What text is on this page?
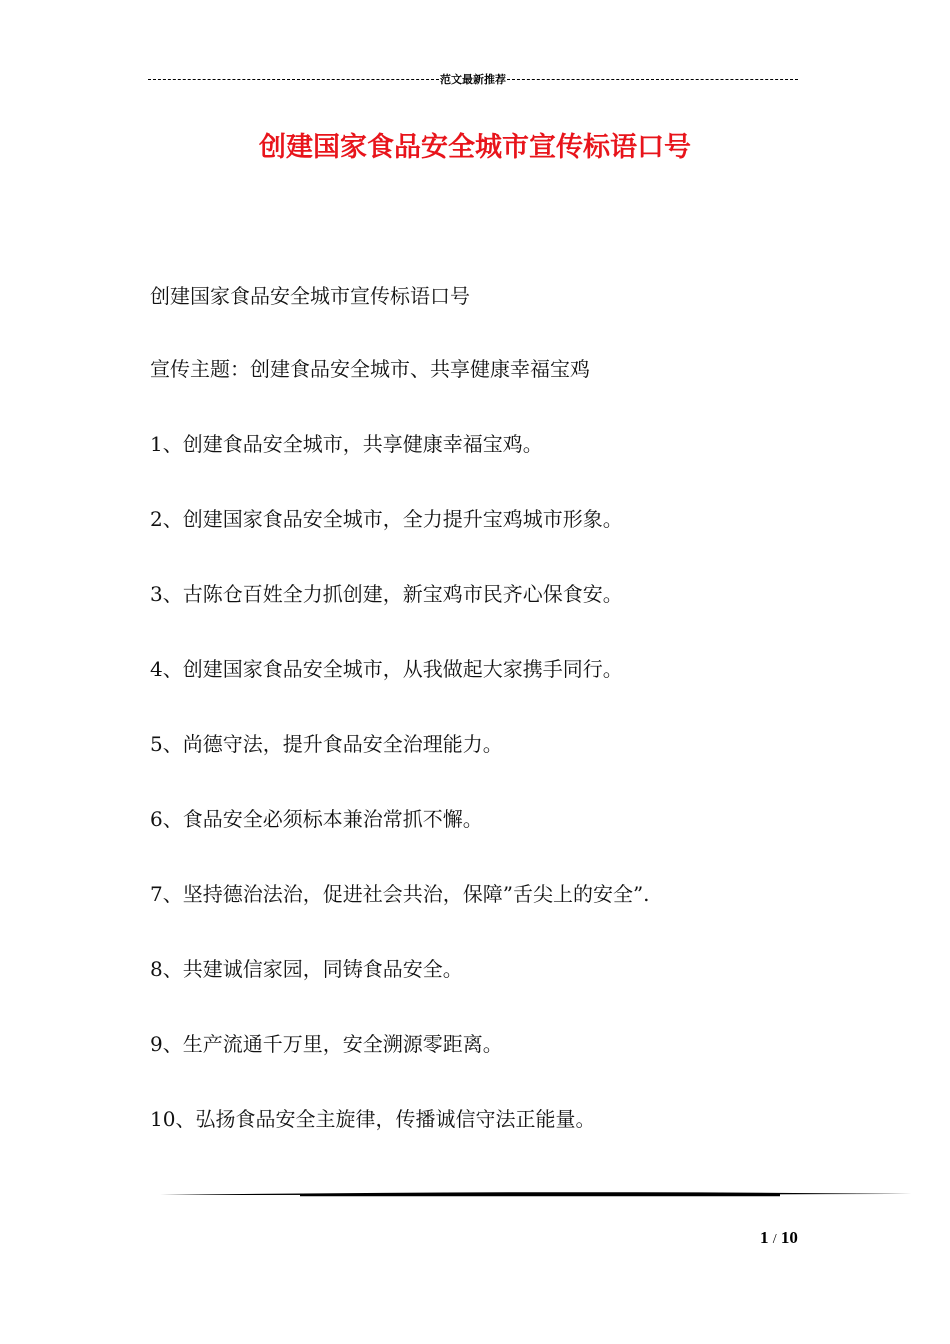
范文最新推荐
创建国家食品安全城市宣传标语口号
创建国家食品安全城市宣传标语口号
宣传主题：创建食品安全城市、共享健康幸福宝鸡
1、创建食品安全城市，共享健康幸福宝鸡。
2、创建国家食品安全城市，全力提升宝鸡城市形象。
3、古陈仓百姓全力抓创建，新宝鸡市民齐心保食安。
4、创建国家食品安全城市，从我做起大家携手同行。
5、尚德守法，提升食品安全治理能力。
6、食品安全必须标本兼治常抓不懈。
7、坚持德治法治，促进社会共治，保障”舌尖上的安全”.
8、共建诚信家园，同铸食品安全。
9、生产流通千万里，安全溯源零距离。
10、弘扬食品安全主旋律，传播诚信守法正能量。
1 / 10
